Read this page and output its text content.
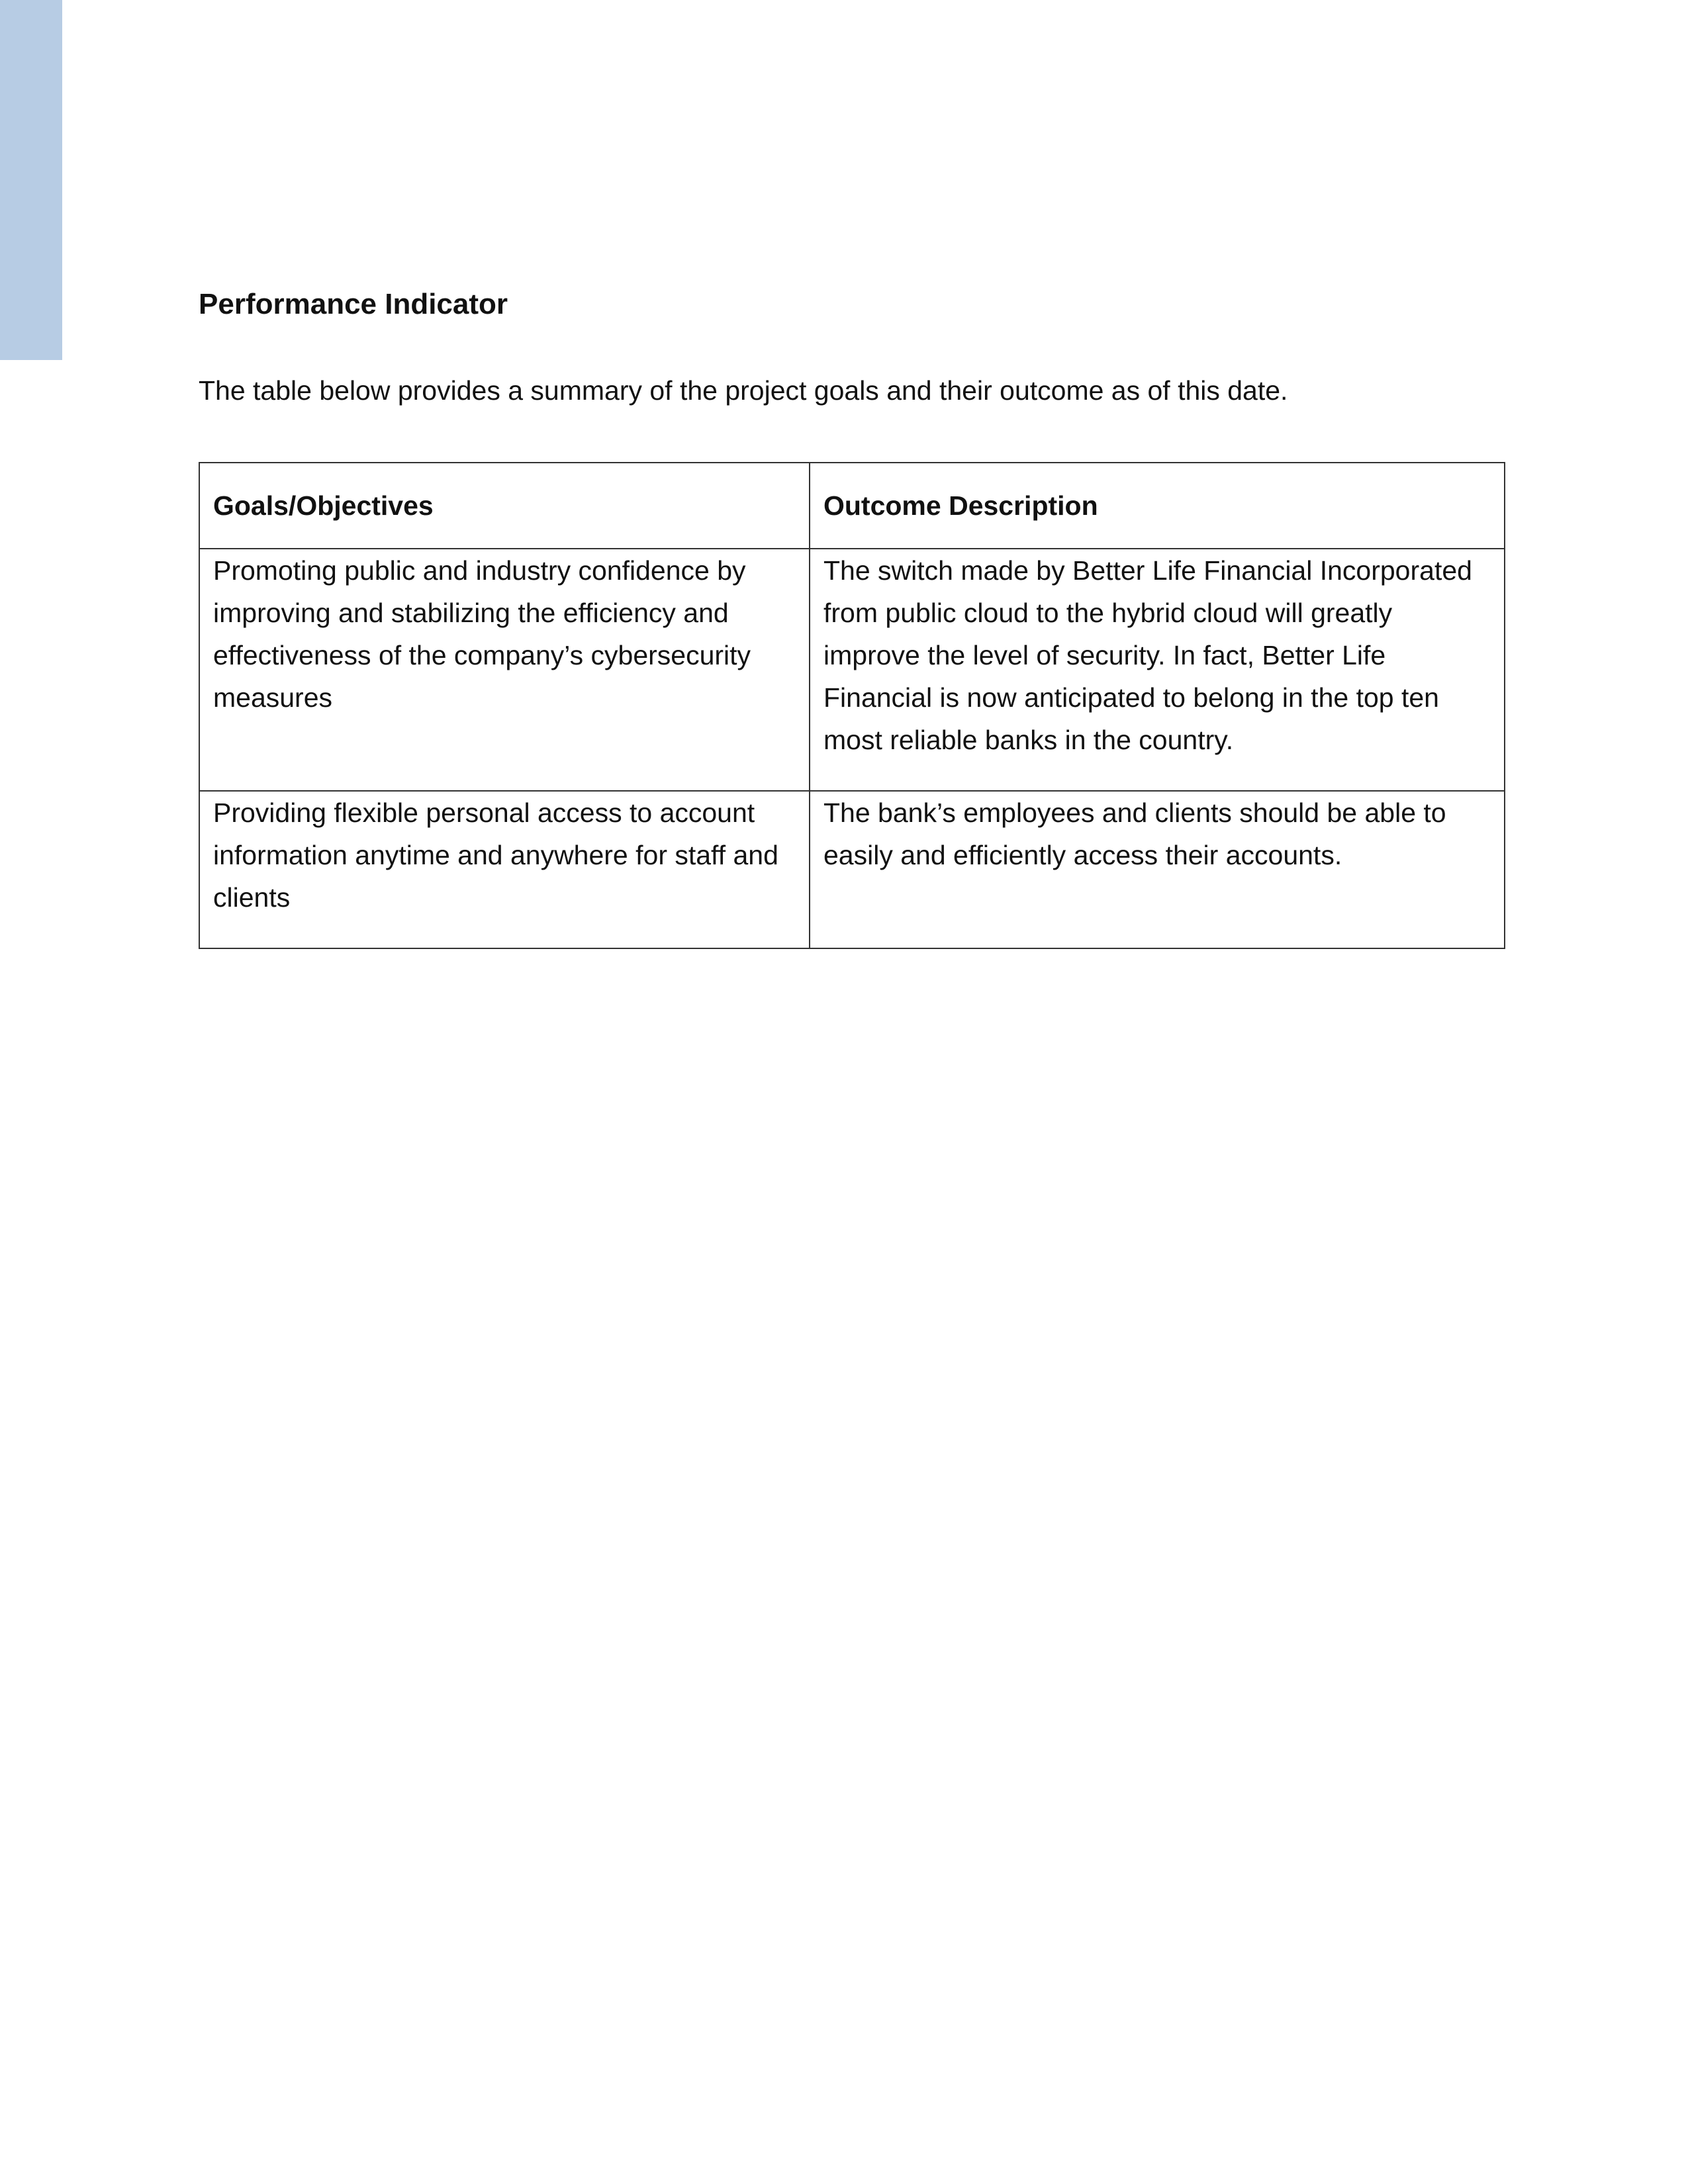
Performance Indicator

The table below provides a summary of the project goals and their outcome as of this date.

Goals/Objectives	Outcome Description
Promoting public and industry confidence by improving and stabilizing the efficiency and effectiveness of the company’s cybersecurity measures	The switch made by Better Life Financial Incorporated from public cloud to the hybrid cloud will greatly improve the level of security. In fact, Better Life Financial is now anticipated to belong in the top ten most reliable banks in the country.
Providing flexible personal access to account information anytime and anywhere for staff and clients	The bank’s employees and clients should be able to easily and efficiently access their accounts.
